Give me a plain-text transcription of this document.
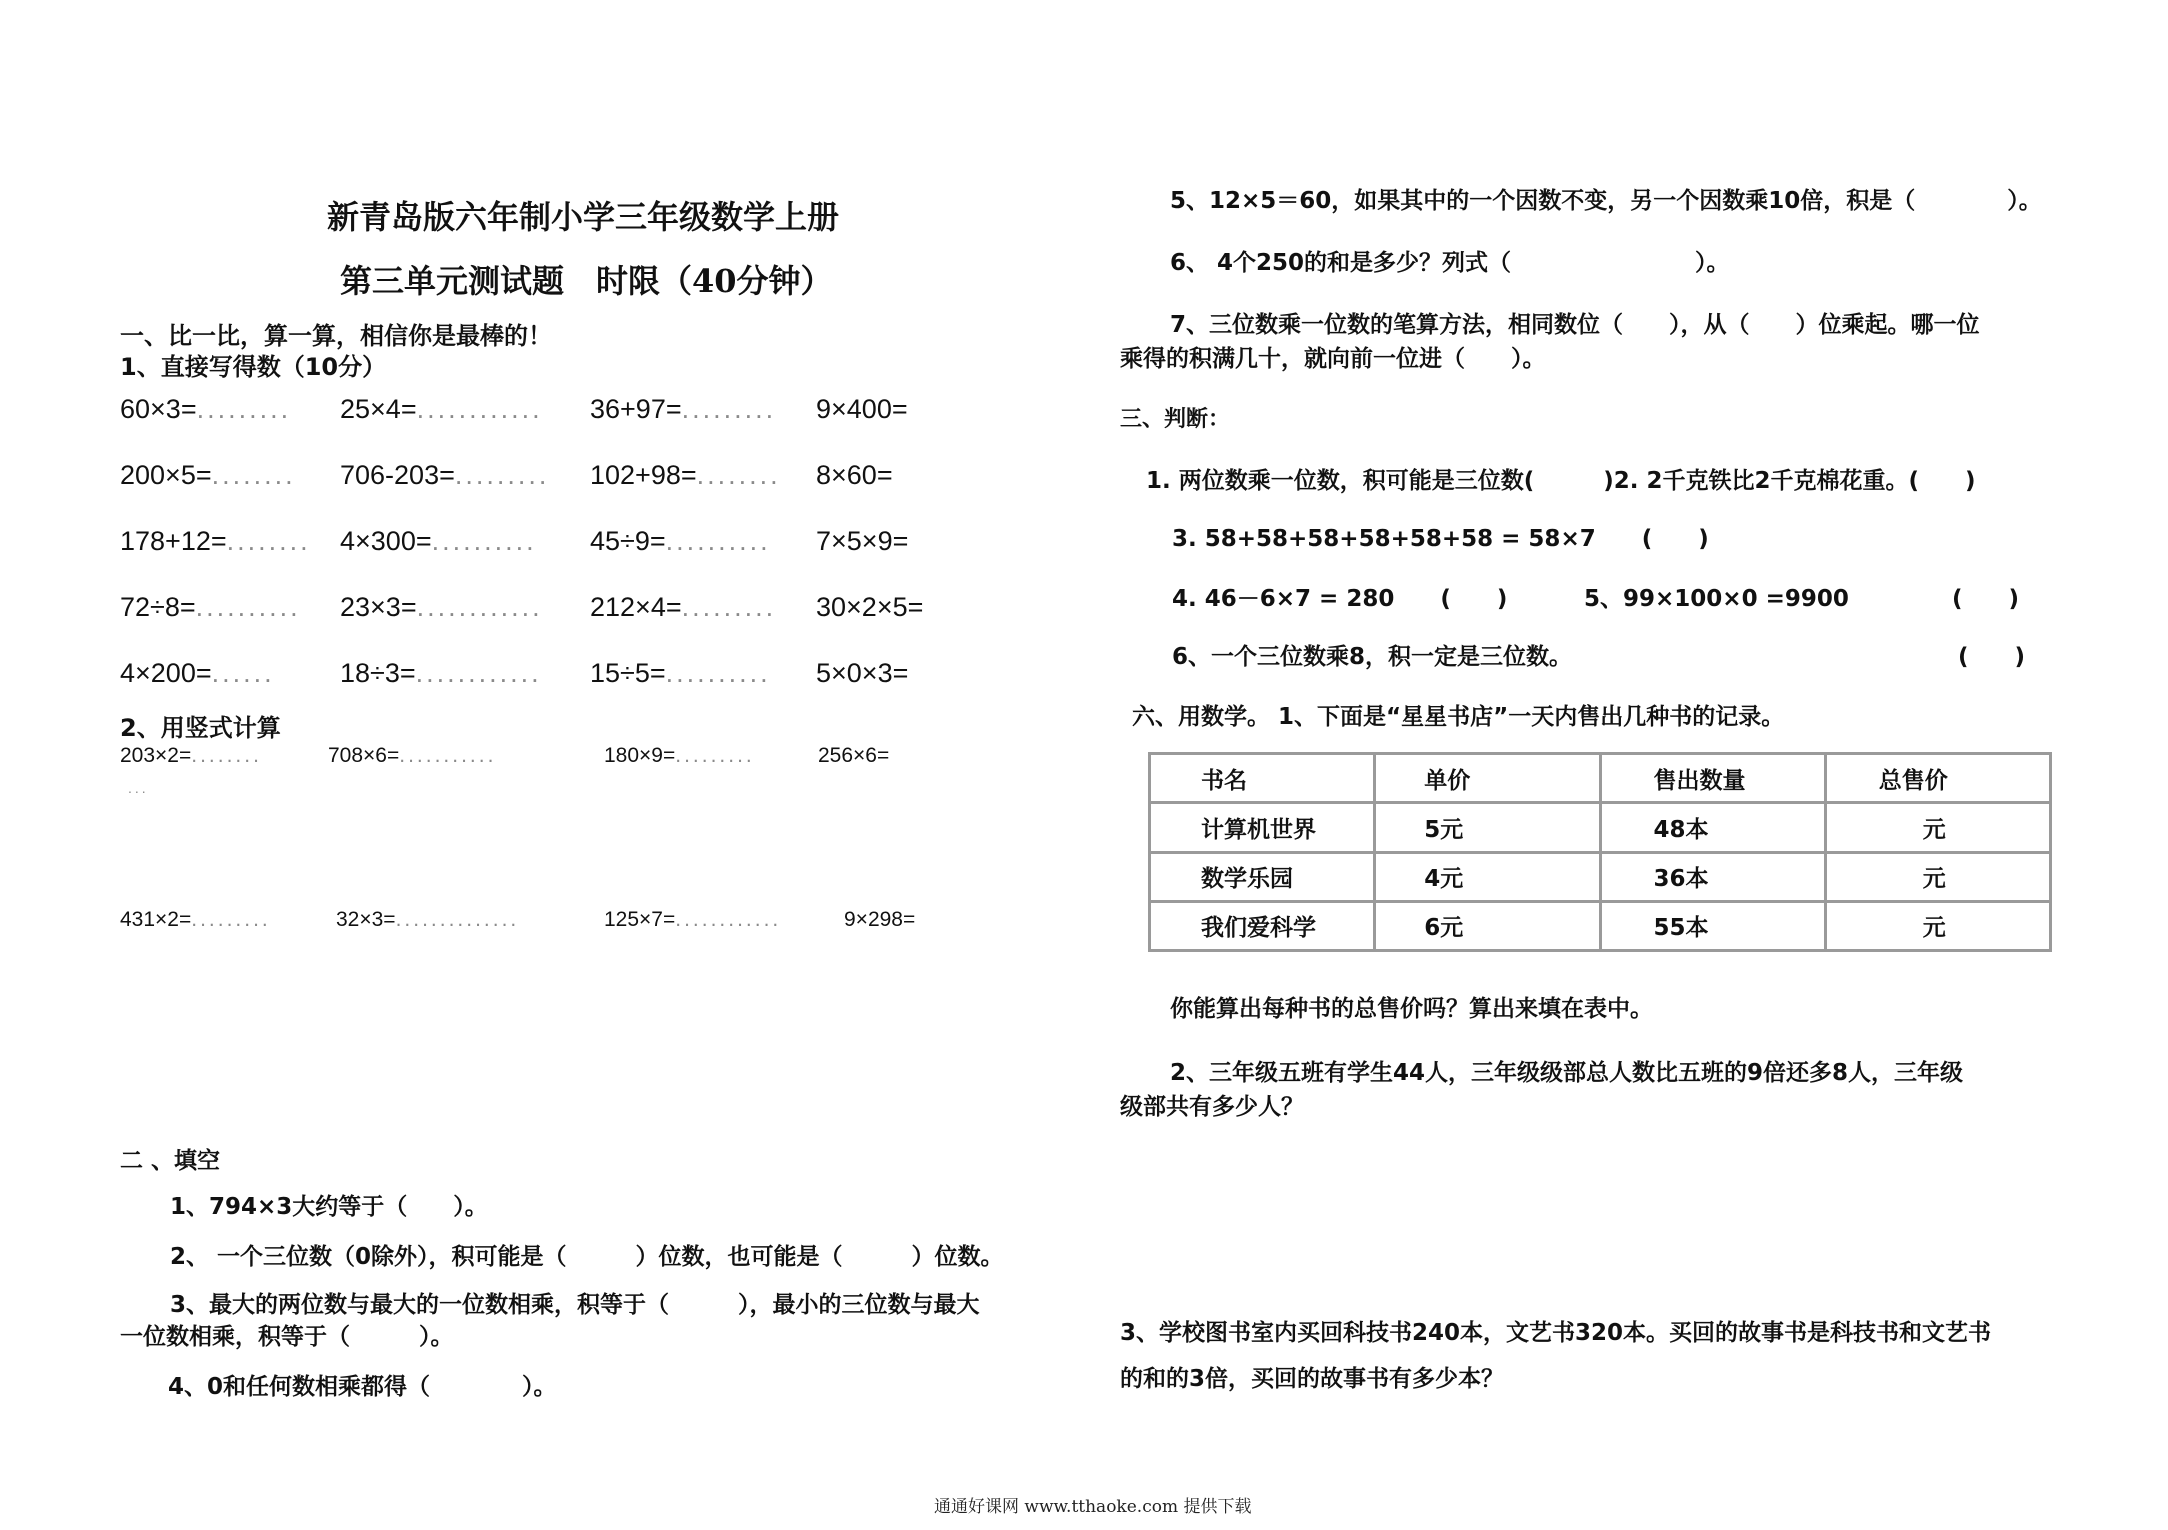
新青岛版六年制小学三年级数学上册
第三单元测试题　时限（40分钟）
一、比一比，算一算，相信你是最棒的！
1、直接写得数（10分）
60×3=......... 25×4=............ 36+97=......... 9×400=
200×5=........ 706-203=......... 102+98=........ 8×60=
178+12=........ 4×300=.......... 45÷9=.......... 7×5×9=
72÷8=.......... 23×3=............ 212×4=......... 30×2×5=
4×200=...... 18÷3=............ 15÷5=.......... 5×0×3=
2、用竖式计算
203×2=........	708×6=...........	180×9=.........	256×6=
...
431×2=.........	32×3=..............	125×7=............	9×298=
二 、填空
1、794×3大约等于（　　）。
2、 一个三位数（0除外），积可能是（　　　）位数，也可能是（　　　）位数。
3、最大的两位数与最大的一位数相乘，积等于（　　　），最小的三位数与最大
一位数相乘，积等于（　　　）。
4、0和任何数相乘都得（　　　　）。
5、12×5＝60，如果其中的一个因数不变，另一个因数乘10倍，积是（　　　　）。
6、 4个250的和是多少？列式（　　　　　　　　）。
7、三位数乘一位数的笔算方法，相同数位（　　），从（　　）位乘起。哪一位
乘得的积满几十，就向前一位进（　　）。
三、判断：
1. 两位数乘一位数，积可能是三位数(　　　)2. 2千克铁比2千克棉花重。(　　)
3. 58+58+58+58+58+58 = 58×7　　(　　)
4. 46－6×7 = 280　　(　　)	5、99×100×0 =9900	(　　)
6、一个三位数乘8，积一定是三位数。	(　　)
六、用数学。 1、下面是“星星书店”一天内售出几种书的记录。
书名	单价	售出数量	总售价
计算机世界	5元	48本	元
数学乐园	4元	36本	元
我们爱科学	6元	55本	元
你能算出每种书的总售价吗？算出来填在表中。
2、三年级五班有学生44人，三年级级部总人数比五班的9倍还多8人，三年级
级部共有多少人？
3、学校图书室内买回科技书240本，文艺书320本。买回的故事书是科技书和文艺书
的和的3倍，买回的故事书有多少本？
通通好课网 www.tthaoke.com 提供下载
